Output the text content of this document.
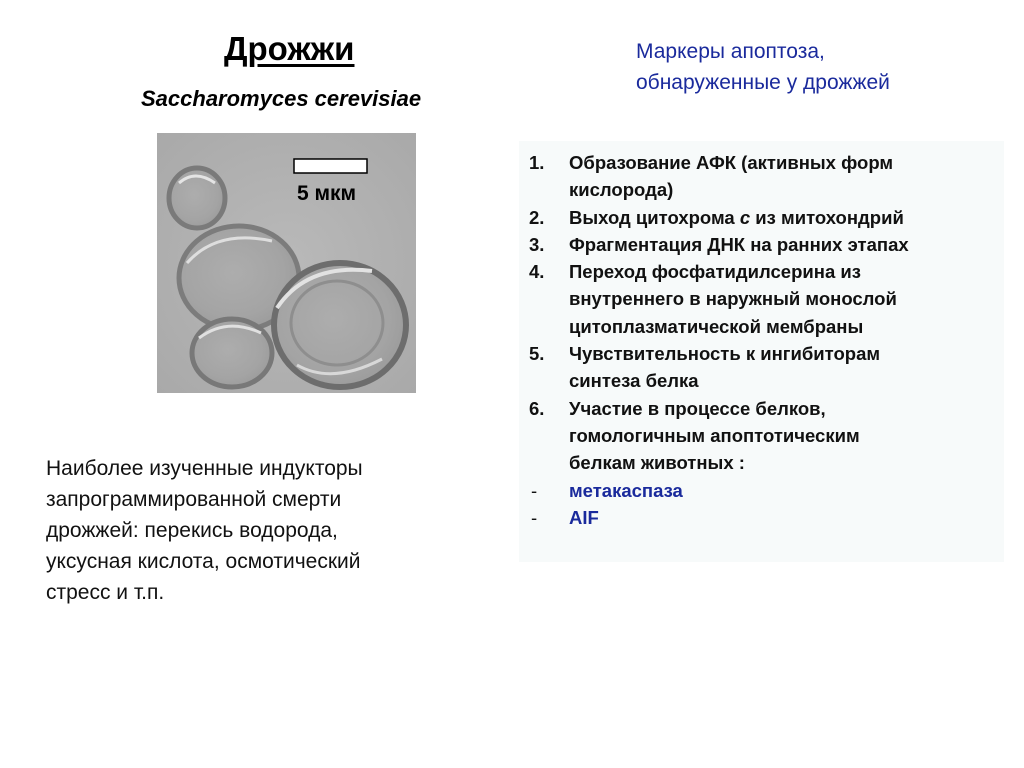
Дрожжи

Saccharomyces cerevisiae

5 мкм
Маркеры апоптоза,
обнаруженные у дрожжей
1. Образование АФК (активных форм
кислорода)
2. Выход цитохрома c из митохондрий
3. Фрагментация ДНК на ранних этапах
4. Переход фосфатидилсерина из
внутреннего в наружный монослой
цитоплазматической мембраны
5. Чувствительность к ингибиторам
синтеза белка
6. Участие в процессе белков,
гомологичным апоптотическим
белкам животных :
- метакаспаза
- AIF
Наиболее изученные индукторы
запрограммированной смерти
дрожжей: перекись водорода,
уксусная кислота, осмотический
стресс и т.п.
